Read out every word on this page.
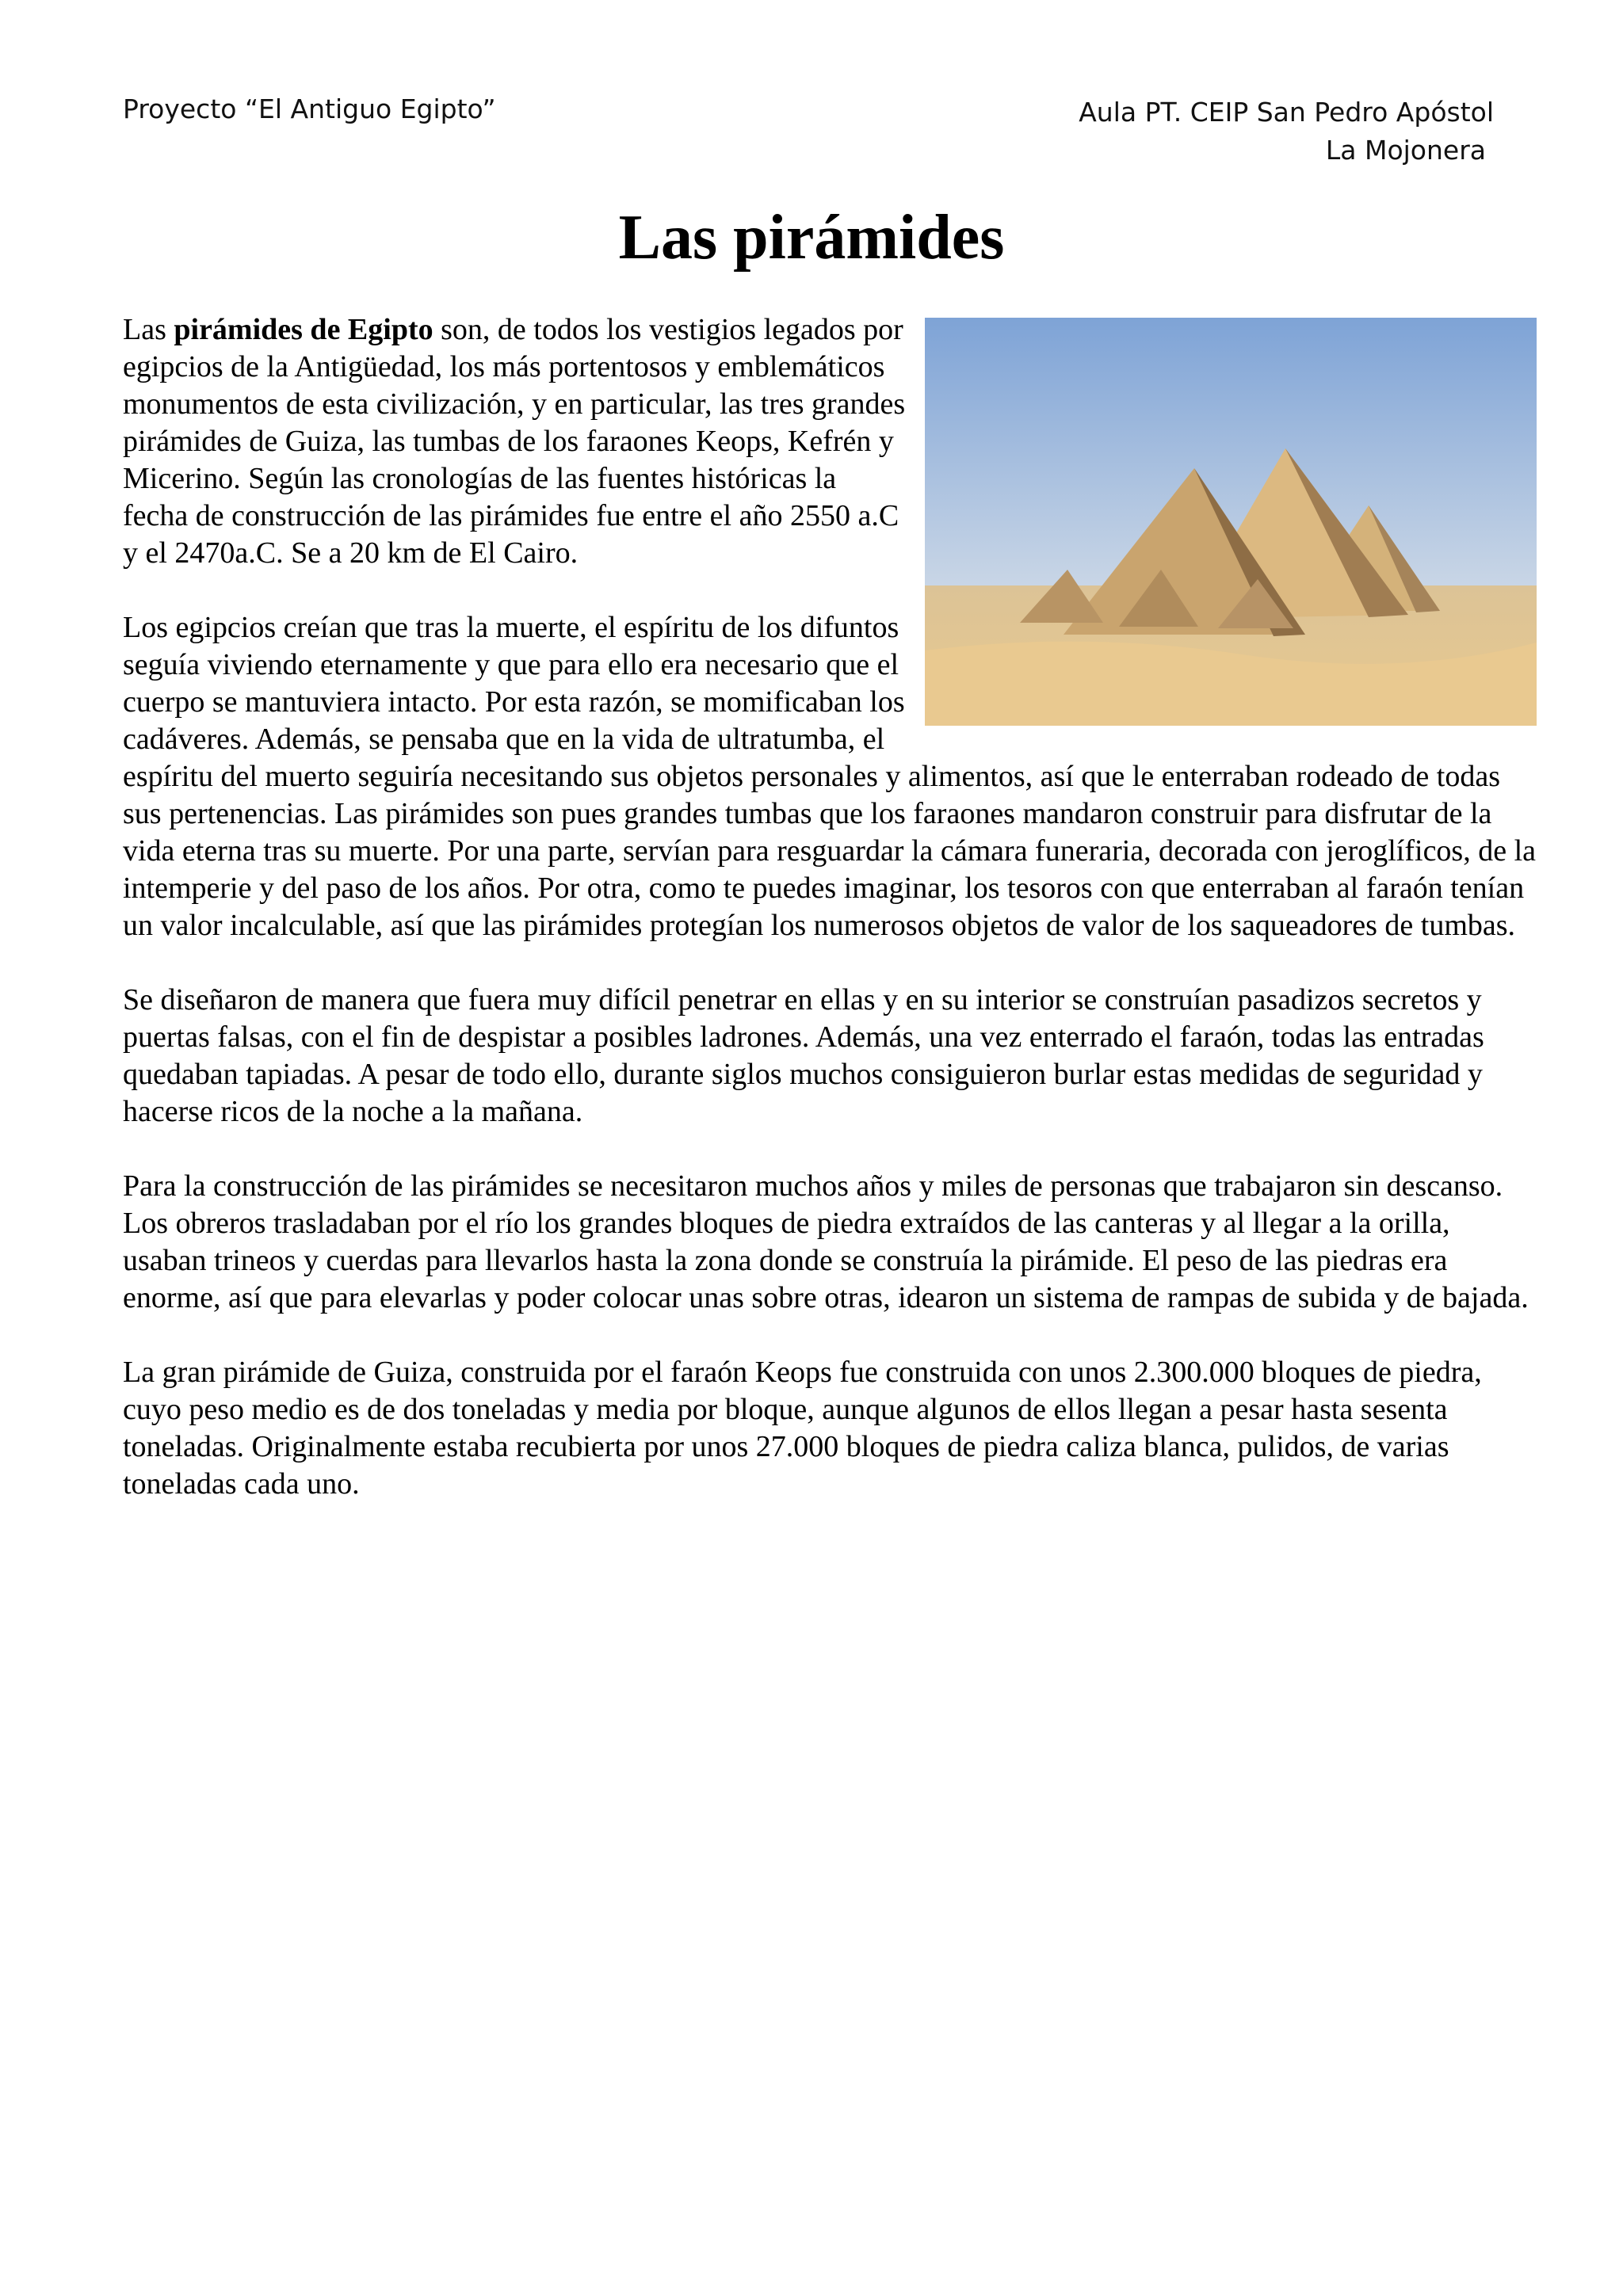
Proyecto “El Antiguo Egipto”	Aula PT. CEIP San Pedro Apóstol

La Mojonera
Las pirámides

Las pirámides de Egipto son, de todos los vestigios legados por egipcios de la Antigüedad, los más portentosos y emblemáticos monumentos de esta civilización, y en particular, las tres grandes pirámides de Guiza, las tumbas de los faraones Keops, Kefrén y Micerino. Según las cronologías de las fuentes históricas la fecha de construcción de las pirámides fue entre el año 2550 a.C y el 2470a.C. Se a 20 km de El Cairo.

Los egipcios creían que tras la muerte, el espíritu de los difuntos seguía viviendo eternamente y que para ello era necesario que el cuerpo se mantuviera intacto. Por esta razón, se momificaban los cadáveres. Además, se pensaba que en la vida de ultratumba, el espíritu del muerto seguiría necesitando sus objetos personales y alimentos, así que le enterraban rodeado de todas sus pertenencias. Las pirámides son pues grandes tumbas que los faraones mandaron construir para disfrutar de la vida eterna tras su muerte. Por una parte, servían para resguardar la cámara funeraria, decorada con jeroglíficos, de la intemperie y del paso de los años. Por otra, como te puedes imaginar, los tesoros con que enterraban al faraón tenían un valor incalculable, así que las pirámides protegían los numerosos objetos de valor de los saqueadores de tumbas.

Se diseñaron de manera que fuera muy difícil penetrar en ellas y en su interior se construían pasadizos secretos y puertas falsas, con el fin de despistar a posibles ladrones. Además, una vez enterrado el faraón, todas las entradas quedaban tapiadas. A pesar de todo ello, durante siglos muchos consiguieron burlar estas medidas de seguridad y hacerse ricos de la noche a la mañana.

Para la construcción de las pirámides se necesitaron muchos años y miles de personas que trabajaron sin descanso. Los obreros trasladaban por el río los grandes bloques de piedra extraídos de las canteras y al llegar a la orilla, usaban trineos y cuerdas para llevarlos hasta la zona donde se construía la pirámide. El peso de las piedras era enorme, así que para elevarlas y poder colocar unas sobre otras, idearon un sistema de rampas de subida y de bajada.

La gran pirámide de Guiza, construida por el faraón Keops fue construida con unos 2.300.000 bloques de piedra, cuyo peso medio es de dos toneladas y media por bloque, aunque algunos de ellos llegan a pesar hasta sesenta toneladas. Originalmente estaba recubierta por unos 27.000 bloques de piedra caliza blanca, pulidos, de varias toneladas cada uno.
